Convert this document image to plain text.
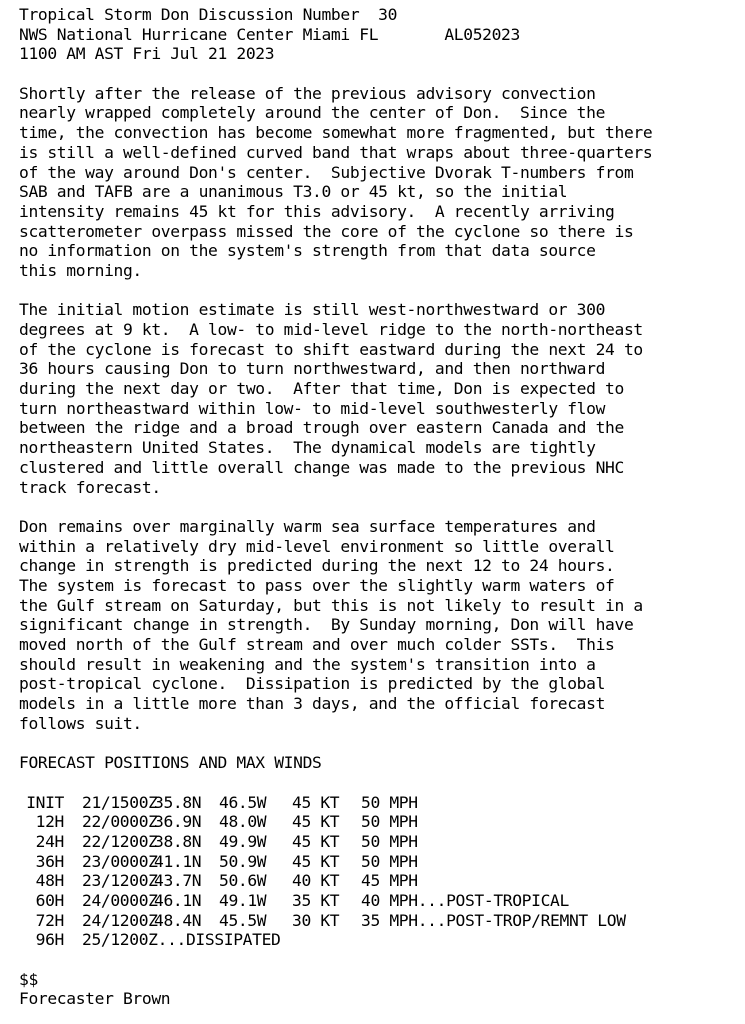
Tropical Storm Don Discussion Number  30
NWS National Hurricane Center Miami FL       AL052023
1100 AM AST Fri Jul 21 2023
Shortly after the release of the previous advisory convection
nearly wrapped completely around the center of Don.  Since the
time, the convection has become somewhat more fragmented, but there
is still a well-defined curved band that wraps about three-quarters
of the way around Don's center.  Subjective Dvorak T-numbers from
SAB and TAFB are a unanimous T3.0 or 45 kt, so the initial
intensity remains 45 kt for this advisory.  A recently arriving
scatterometer overpass missed the core of the cyclone so there is
no information on the system's strength from that data source
this morning.
The initial motion estimate is still west-northwestward or 300
degrees at 9 kt.  A low- to mid-level ridge to the north-northeast
of the cyclone is forecast to shift eastward during the next 24 to
36 hours causing Don to turn northwestward, and then northward
during the next day or two.  After that time, Don is expected to
turn northeastward within low- to mid-level southwesterly flow
between the ridge and a broad trough over eastern Canada and the
northeastern United States.  The dynamical models are tightly
clustered and little overall change was made to the previous NHC
track forecast.
Don remains over marginally warm sea surface temperatures and
within a relatively dry mid-level environment so little overall
change in strength is predicted during the next 12 to 24 hours.
The system is forecast to pass over the slightly warm waters of
the Gulf stream on Saturday, but this is not likely to result in a
significant change in strength.  By Sunday morning, Don will have
moved north of the Gulf stream and over much colder SSTs.  This
should result in weakening and the system's transition into a
post-tropical cyclone.  Dissipation is predicted by the global
models in a little more than 3 days, and the official forecast
follows suit.
FORECAST POSITIONS AND MAX WINDS
INIT 21/1500Z35.8N 46.5W 45 KT 50 MPH
12H 22/0000Z36.9N 48.0W 45 KT 50 MPH
24H 22/1200Z38.8N 49.9W 45 KT 50 MPH
36H 23/0000Z41.1N 50.9W 45 KT 50 MPH
48H 23/1200Z43.7N 50.6W 40 KT 45 MPH
60H 24/0000Z46.1N 49.1W 35 KT 40 MPH...POST-TROPICAL
72H 24/1200Z48.4N 45.5W 30 KT 35 MPH...POST-TROP/REMNT LOW
96H 25/1200Z...DISSIPATED
$$
Forecaster Brown
